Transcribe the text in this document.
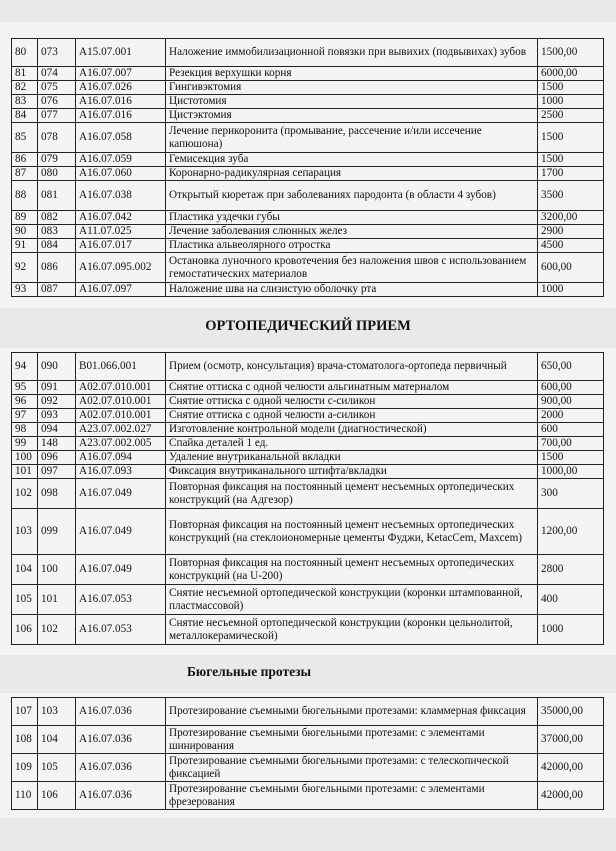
80	073	A15.07.001	Наложение иммобилизационной повязки при вывихих (подвывихах) зубов	1500,00
81	074	A16.07.007	Резекция верхушки корня	6000,00
82	075	A16.07.026	Гингивэктомия	1500
83	076	A16.07.016	Цистотомия	1000
84	077	A16.07.016	Цистэктомия	2500
85	078	A16.07.058	Лечение перикоронита (промывание, рассечение и/или иссечение капюшона)	1500
86	079	A16.07.059	Гемисекция зуба	1500
87	080	A16.07.060	Коронарно-радикулярная сепарация	1700
88	081	A16.07.038	Открытый кюретаж при заболеваниях пародонта (в области 4 зубов)	3500
89	082	A16.07.042	Пластика уздечки губы	3200,00
90	083	A11.07.025	Лечение заболевания слюнных желез	2900
91	084	A16.07.017	Пластика альвеолярного отростка	4500
92	086	A16.07.095.002	Остановка луночного кровотечения без наложения швов с использованием гемостатических материалов	600,00
93	087	A16.07.097	Наложение шва на слизистую оболочку рта	1000
ОРТОПЕДИЧЕСКИЙ ПРИЕМ
94	090	B01.066.001	Прием (осмотр, консультация) врача-стоматолога-ортопеда первичный	650,00
95	091	A02.07.010.001	Снятие оттиска с одной челюсти альгинатным материалом	600,00
96	092	A02.07.010.001	Снятие оттиска с одной челюсти с-силикон	900,00
97	093	A02.07.010.001	Снятие оттиска с одной челюсти а-силикон	2000
98	094	A23.07.002.027	Изготовление контрольной модели (диагностической)	600
99	148	A23.07.002.005	Спайка деталей 1 ед.	700,00
100	096	A16.07.094	Удаление внутриканальной вкладки	1500
101	097	A16.07.093	Фиксация внутриканального штифта/вкладки	1000,00
102	098	A16.07.049	Повторная фиксация на постоянный цемент несъемных ортопедических конструкций (на Адгезор)	300
103	099	A16.07.049	Повторная фиксация на постоянный цемент несъемных ортопедических конструкций (на стеклоиономерные цементы Фуджи, KetacCem, Maxcem)	1200,00
104	100	A16.07.049	Повторная фиксация на постоянный цемент несъемных ортопедических конструкций (на U-200)	2800
105	101	A16.07.053	Снятие несъемной ортопедической конструкции (коронки штампованной, пластмассовой)	400
106	102	A16.07.053	Снятие несъемной ортопедической конструкции (коронки цельнолитой, металлокерамической)	1000
Бюгельные протезы
107	103	A16.07.036	Протезирование съемными бюгельными протезами: кламмерная фиксация	35000,00
108	104	A16.07.036	Протезирование съемными бюгельными протезами: с элементами шинирования	37000,00
109	105	A16.07.036	Протезирование съемными бюгельными протезами: с телескопической фиксацией	42000,00
110	106	A16.07.036	Протезирование съемными бюгельными протезами: с элементами фрезерования	42000,00
